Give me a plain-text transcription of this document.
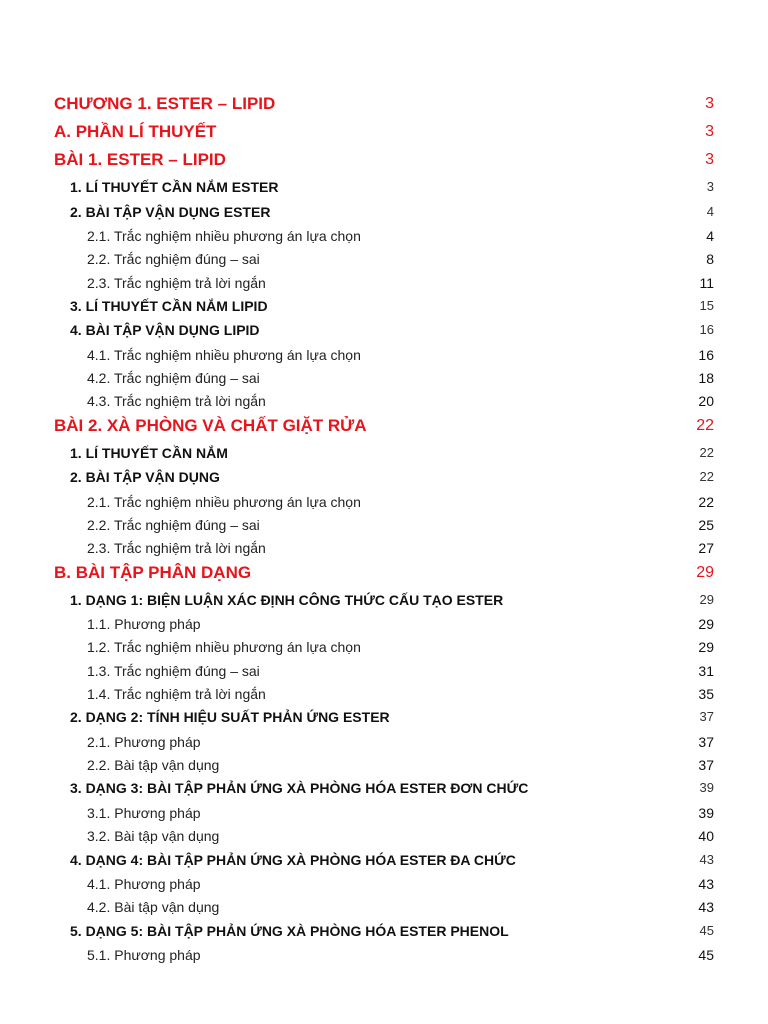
CHƯƠNG 1. ESTER – LIPID	3
A. PHẦN LÍ THUYẾT	3
BÀI 1. ESTER – LIPID	3
1. LÍ THUYẾT CẦN NẮM ESTER	3
2. BÀI TẬP VẬN DỤNG ESTER	4
2.1. Trắc nghiệm nhiều phương án lựa chọn	4
2.2. Trắc nghiệm đúng – sai	8
2.3. Trắc nghiệm trả lời ngắn	11
3. LÍ THUYẾT CẦN NẮM LIPID	15
4. BÀI TẬP VẬN DỤNG LIPID	16
4.1. Trắc nghiệm nhiều phương án lựa chọn	16
4.2. Trắc nghiệm đúng – sai	18
4.3. Trắc nghiệm trả lời ngắn	20
BÀI 2. XÀ PHÒNG VÀ CHẤT GIẶT RỬA	22
1. LÍ THUYẾT CẦN NẮM	22
2. BÀI TẬP VẬN DỤNG	22
2.1. Trắc nghiệm nhiều phương án lựa chọn	22
2.2. Trắc nghiệm đúng – sai	25
2.3. Trắc nghiệm trả lời ngắn	27
B. BÀI TẬP PHÂN DẠNG	29
1. DẠNG 1: BIỆN LUẬN XÁC ĐỊNH CÔNG THỨC CẤU TẠO ESTER	29
1.1. Phương pháp	29
1.2. Trắc nghiệm nhiều phương án lựa chọn	29
1.3. Trắc nghiệm đúng – sai	31
1.4. Trắc nghiệm trả lời ngắn	35
2. DẠNG 2: TÍNH HIỆU SUẤT PHẢN ỨNG ESTER	37
2.1. Phương pháp	37
2.2. Bài tập vận dụng	37
3. DẠNG 3: BÀI TẬP PHẢN ỨNG XÀ PHÒNG HÓA ESTER ĐƠN CHỨC	39
3.1. Phương pháp	39
3.2. Bài tập vận dụng	40
4. DẠNG 4: BÀI TẬP PHẢN ỨNG XÀ PHÒNG HÓA ESTER ĐA CHỨC	43
4.1. Phương pháp	43
4.2. Bài tập vận dụng	43
5. DẠNG 5: BÀI TẬP PHẢN ỨNG XÀ PHÒNG HÓA ESTER PHENOL	45
5.1. Phương pháp	45
